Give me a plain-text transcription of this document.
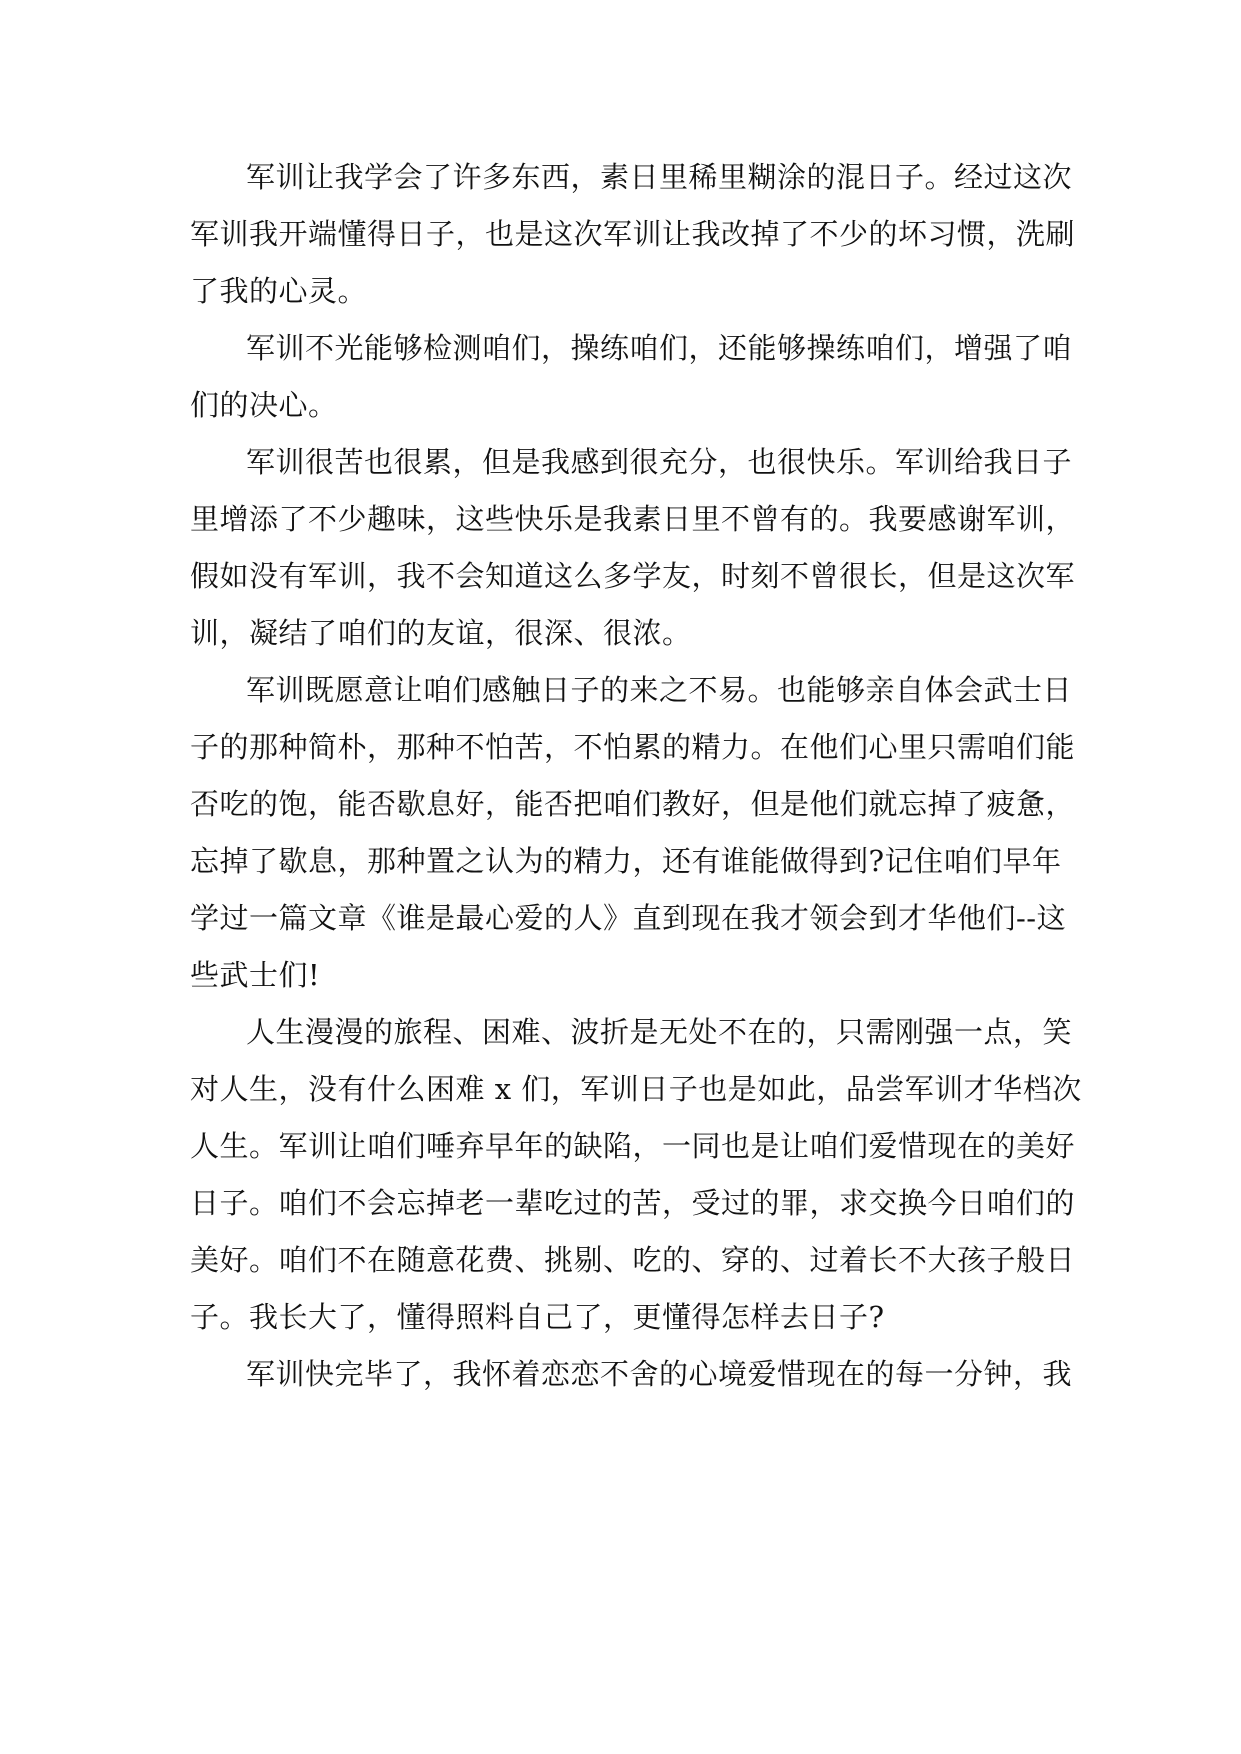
军训让我学会了许多东西，素日里稀里糊涂的混日子。经过这次
军训我开端懂得日子，也是这次军训让我改掉了不少的坏习惯，洗刷
了我的心灵。
军训不光能够检测咱们，操练咱们，还能够操练咱们，增强了咱
们的决心。
军训很苦也很累，但是我感到很充分，也很快乐。军训给我日子
里增添了不少趣味，这些快乐是我素日里不曾有的。我要感谢军训，
假如没有军训，我不会知道这么多学友，时刻不曾很长，但是这次军
训，凝结了咱们的友谊，很深、很浓。
军训既愿意让咱们感触日子的来之不易。也能够亲自体会武士日
子的那种简朴，那种不怕苦，不怕累的精力。在他们心里只需咱们能
否吃的饱，能否歇息好，能否把咱们教好，但是他们就忘掉了疲惫，
忘掉了歇息，那种置之认为的精力，还有谁能做得到?记住咱们早年
学过一篇文章《谁是最心爱的人》直到现在我才领会到才华他们--这
些武士们!
人生漫漫的旅程、困难、波折是无处不在的，只需刚强一点，笑
对人生，没有什么困难 x 们，军训日子也是如此，品尝军训才华档次
人生。军训让咱们唾弃早年的缺陷，一同也是让咱们爱惜现在的美好
日子。咱们不会忘掉老一辈吃过的苦，受过的罪，求交换今日咱们的
美好。咱们不在随意花费、挑剔、吃的、穿的、过着长不大孩子般日
子。我长大了，懂得照料自己了，更懂得怎样去日子?
军训快完毕了，我怀着恋恋不舍的心境爱惜现在的每一分钟，我
